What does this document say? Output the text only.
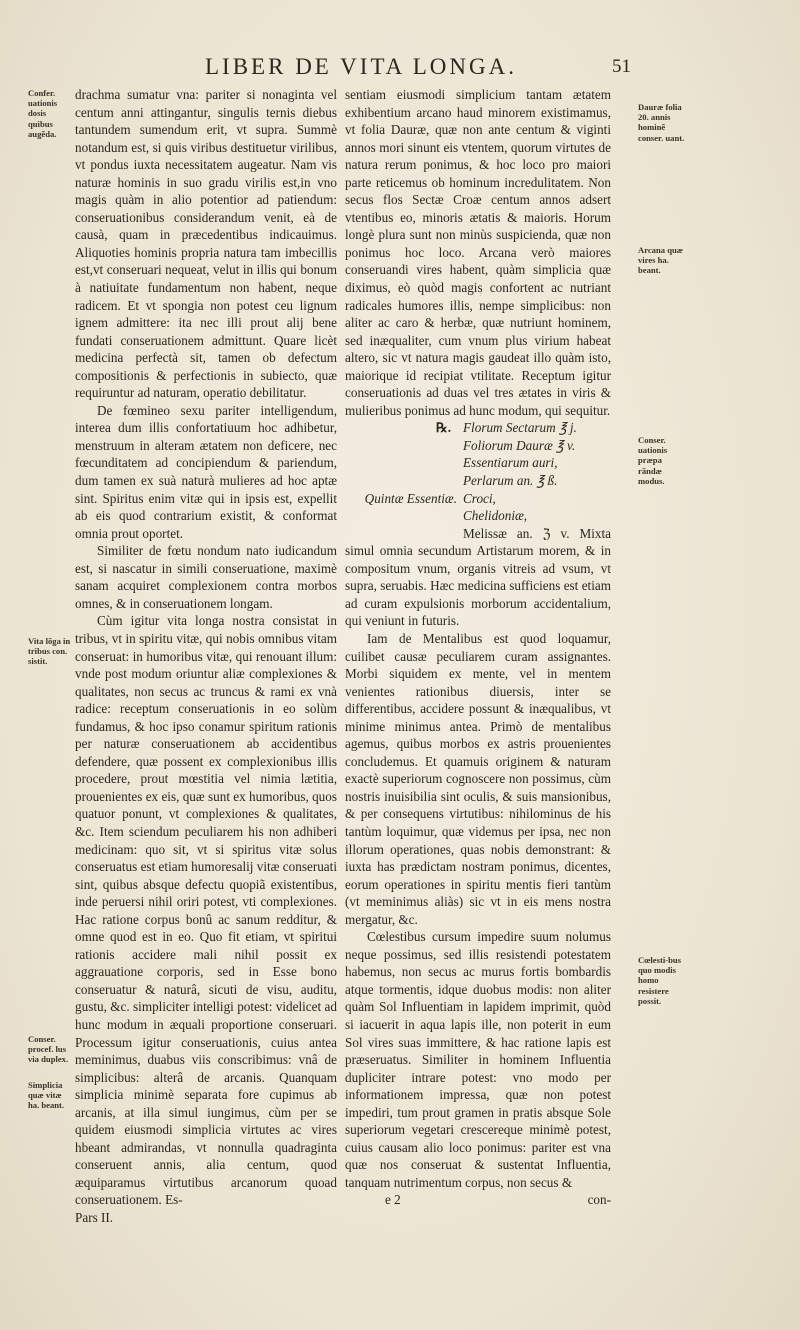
LIBER DE VITA LONGA.	51
Confer. uationis dosis quibus augẽda.
Vita lõga in tribus con. sistit.
Conser. procef. lus via duplex.
Simplicia quæ vitæ ha. beant.
Dauræ folia 20. annis hominẽ conser. uant.
Arcana quæ vires ha. beant.
Conser. uationis præpa rãndæ modus.
Cœlesti-bus quo modis homo resistere possit.

drachma sumatur vna: pariter si nonaginta vel centum anni attingantur, singulis ternis diebus tantundem sumendum erit, vt supra. Summè notandum est, si quis viribus destituetur virilibus, vt pondus iuxta necessitatem augeatur. Nam vis naturæ hominis in suo gradu virilis est,in vno magis quàm in alio potentior ad patiendum: conseruationibus considerandum venit, eà de causà, quam in præcedentibus indicauimus. Aliquoties hominis propria natura tam imbecillis est,vt conseruari nequeat, velut in illis qui bonum à natiuitate fundamentum non habent, neque radicem. Et vt spongia non potest ceu lignum ignem admittere: ita nec illi prout alij bene fundati conseruationem admittunt. Quare licèt medicina perfectà sit, tamen ob defectum compositionis & perfectionis in subiecto, quæ requiruntur ad naturam, operatio debilitatur.

De fœmineo sexu pariter intelligendum, interea dum illis confortatiuum hoc adhibetur, menstruum in alteram ætatem non deficere, nec fœcunditatem ad concipiendum & pariendum, dum tamen ex suà naturà mulieres ad hoc aptæ sint. Spiritus enim vitæ qui in ipsis est, expellit ab eis quod contrarium existit, & conformat omnia prout oportet.

Similiter de fœtu nondum nato iudicandum est, si nascatur in simili conseruatione, maximè sanam acquiret complexionem contra morbos omnes, & in conseruationem longam.

Cùm igitur vita longa nostra consistat in tribus, vt in spiritu vitæ, qui nobis omnibus vitam conseruat: in humoribus vitæ, qui renouant illum: vnde post modum oriuntur aliæ complexiones & qualitates, non secus ac truncus & rami ex vnà radice: receptum conseruationis in eo solùm fundamus, & hoc ipso conamur spiritum rationis per naturæ conseruationem ab accidentibus defendere, quæ possent ex complexionibus illis procedere, prout mœstitia vel nimia lætitia, prouenientes ex eis, quæ sunt ex humoribus, quos quatuor ponunt, vt complexiones & qualitates, &c. Item sciendum peculiarem his non adhiberi medicinam: quo sit, vt si spiritus vitæ solus conseruatus est etiam humoresalij vitæ conseruati sint, quibus absque defectu quopiã existentibus, inde peruersi nihil oriri potest, vti complexiones. Hac ratione corpus bonû ac sanum redditur, & omne quod est in eo. Quo fit etiam, vt spiritui rationis accidere mali nihil possit ex aggrauatione corporis, sed in Esse bono conseruatur & naturâ, sicuti de visu, auditu, gustu, &c. simpliciter intelligi potest: videlicet ad hunc modum in æquali proportione conseruari. Processum igitur conseruationis, cuius antea meminimus, duabus viis conscribimus: vnâ de simplicibus: alterâ de arcanis. Quanquam simplicia minimè separata fore cupimus ab arcanis, at illa simul iungimus, cùm per se quidem eiusmodi simplicia virtutes ac vires hbeant admirandas, vt nonnulla quadraginta conseruent annis, alia centum, quod æquiparamus virtutibus arcanorum quoad conseruationem. Es-

Pars II.

sentiam eiusmodi simplicium tantam ætatem exhibentium arcano haud minorem existimamus, vt folia Dauræ, quæ non ante centum & viginti annos mori sinunt eis vtentem, quorum virtutes de natura rerum ponimus, & hoc loco pro maiori parte reticemus ob hominum incredulitatem. Non secus flos Sectæ Croæ centum annos adsert vtentibus eo, minoris ætatis & maioris. Horum longè plura sunt non minùs suspicienda, quæ non ponimus hoc loco. Arcana verò maiores conseruandi vires habent, quàm simplicia quæ diximus, eò quòd magis confortent ac nutriant radicales humores illis, nempe simplicibus: non aliter ac caro & herbæ, quæ nutriunt hominem, sed inæqualiter, cum vnum plus virium habeat altero, sic vt natura magis gaudeat illo quàm isto, maiorique id recipiat vtilitate. Receptum igitur conseruationis ad duas vel tres ætates in viris & mulieribus ponimus ad hunc modum, qui sequitur.

℞. Florum Sectarum ℥ j.
Foliorum Dauræ ℥ v.
Essentiarum auri,
Perlarum an. ℥ ß.
Quintæ Essentiæ. Croci,
Chelidoniæ,

Melissæ an. ℨ v. Mixta simul omnia secundum Artistarum morem, & in compositum vnum, organis vitreis ad vsum, vt supra, seruabis. Hæc medicina sufficiens est etiam ad curam expulsionis morborum accidentalium, qui veniunt in futuris.

Iam de Mentalibus est quod loquamur, cuilibet causæ peculiarem curam assignantes. Morbi siquidem ex mente, vel in mentem venientes rationibus diuersis, inter se differentibus, accidere possunt & inæqualibus, vt minime minimus antea. Primò de mentalibus agemus, quibus morbos ex astris prouenientes concludemus. Et quamuis originem & naturam exactè superiorum cognoscere non possimus, cùm nostris inuisibilia sint oculis, & suis mansionibus, & per consequens virtutibus: nihilominus de his tantùm loquimur, quæ videmus per ipsa, nec non illorum operationes, quas nobis demonstrant: & iuxta has prædictam nostram ponimus, dicentes, eorum operationes in spiritu mentis fieri tantùm (vt meminimus aliàs) sic vt in eis mens nostra mergatur, &c.

Cœlestibus cursum impedire suum nolumus neque possimus, sed illis resistendi potestatem habemus, non secus ac murus fortis bombardis atque tormentis, idque duobus modis: non aliter quàm Sol Influentiam in lapidem imprimit, quòd si iacuerit in aqua lapis ille, non poterit in eum Sol vires suas immittere, & hac ratione lapis est præseruatus. Similiter in hominem Influentia dupliciter intrare potest: vno modo per informationem impressa, quæ non potest impediri, tum prout gramen in pratis absque Sole superiorum vegetari crescereque minimè potest, cuius causam alio loco ponimus: pariter est vna quæ nos conseruat & sustentat Influentia, tanquam nutrimentum corpus, non secus &

e 2	con-
